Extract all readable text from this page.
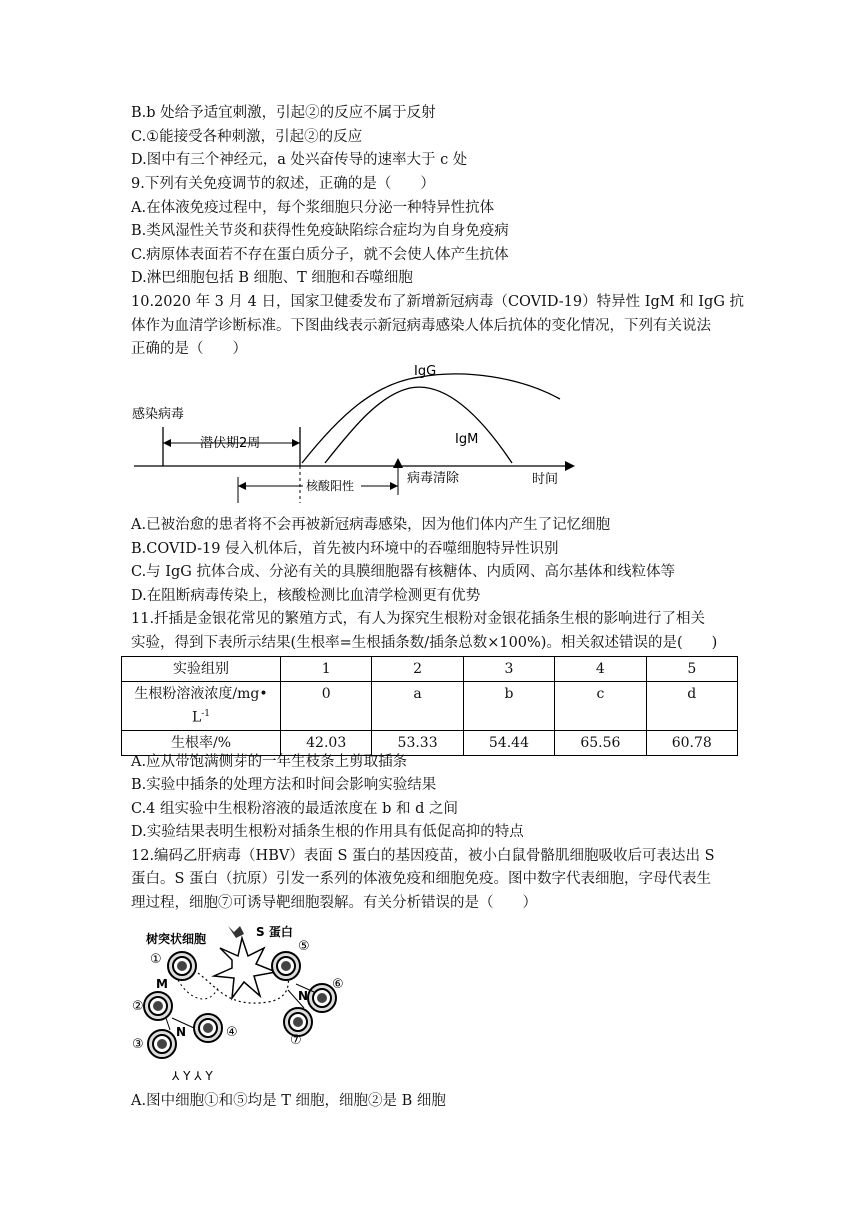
B.b 处给予适宜刺激，引起②的反应不属于反射
C.①能接受各种刺激，引起②的反应
D.图中有三个神经元，a 处兴奋传导的速率大于 c 处
9.下列有关免疫调节的叙述，正确的是（　　）
A.在体液免疫过程中，每个浆细胞只分泌一种特异性抗体
B.类风湿性关节炎和获得性免疫缺陷综合症均为自身免疫病
C.病原体表面若不存在蛋白质分子，就不会使人体产生抗体
D.淋巴细胞包括 B 细胞、T 细胞和吞噬细胞
10.2020 年 3 月 4 日，国家卫健委发布了新增新冠病毒（COVID-19）特异性 IgM 和 IgG 抗
体作为血清学诊断标准。下图曲线表示新冠病毒感染人体后抗体的变化情况，下列有关说法
正确的是（　　）
感染病毒
潜伏期2周
核酸阳性	病毒清除	时间
IgG
IgM
A.已被治愈的患者将不会再被新冠病毒感染，因为他们体内产生了记忆细胞
B.COVID-19 侵入机体后，首先被内环境中的吞噬细胞特异性识别
C.与 IgG 抗体合成、分泌有关的具膜细胞器有核糖体、内质网、高尔基体和线粒体等
D.在阻断病毒传染上，核酸检测比血清学检测更有优势
11.扦插是金银花常见的繁殖方式，有人为探究生根粉对金银花插条生根的影响进行了相关
实验，得到下表所示结果(生根率=生根插条数/插条总数×100%)。相关叙述错误的是(　　)
实验组别	1	2	3	4	5
生根粉溶液浓度/mg•
$L^{-1}$	0	a	b	c	d
生根率/%	42.03	53.33	54.44	65.56	60.78
A.应从带饱满侧芽的一年生枝条上剪取插条
B.实验中插条的处理方法和时间会影响实验结果
C.4 组实验中生根粉溶液的最适浓度在 b 和 d 之间
D.实验结果表明生根粉对插条生根的作用具有低促高抑的特点
12.编码乙肝病毒（HBV）表面 S 蛋白的基因疫苗，被小白鼠骨骼肌细胞吸收后可表达出 S
蛋白。S 蛋白（抗原）引发一系列的体液免疫和细胞免疫。图中数字代表细胞，字母代表生
理过程，细胞⑦可诱导靶细胞裂解。有关分析错误的是（　　）
树突状细胞	S 蛋白
①
⑤
②
M	⑥
⑦
N
④
③
N
⅄ Y ⅄ Y
A.图中细胞①和⑤均是 T 细胞，细胞②是 B 细胞
